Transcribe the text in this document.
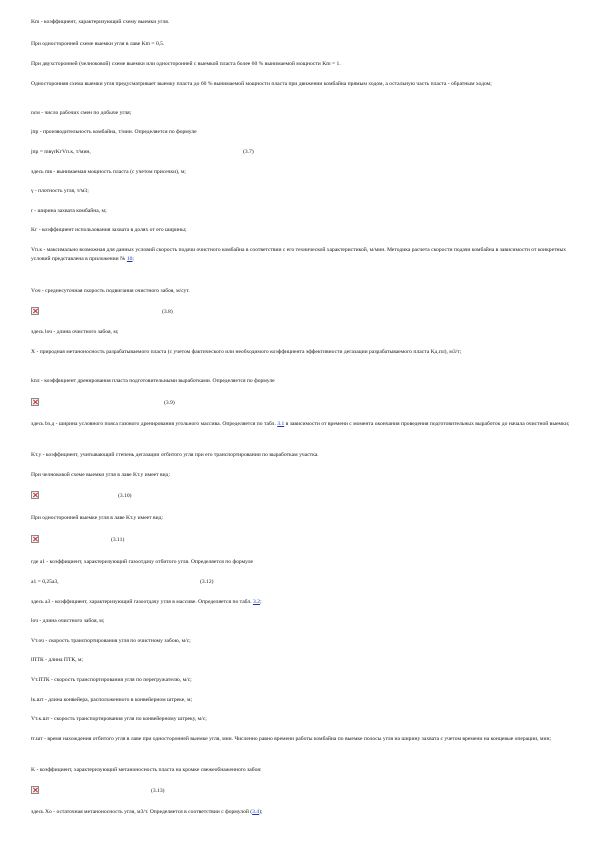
Km - коэффициент, характеризующий схему выемки угля.
При односторонней схеме выемки угля в лаве Km = 0,5.
При двухсторонней (челноковой) схеме выемки или односторонней с выемкой пласта более 60 % вынимаемой мощности Km = 1.
Односторонняя схема выемки угля предусматривает выемку пласта до 60 % вынимаемой мощности пласта при движении комбайна прямым ходом, а остальную часть пласта - обратным ходом;
nсм - число рабочих смен по добыче угля;
jпр - производительность комбайна, т/мин. Определяется по формуле
jпр = mвγrKгVп.к, т/мин,	(3.7)
здесь mв - вынимаемая мощность пласта (с учетом присечки), м;
γ - плотность угля, т/м3;
r - ширина захвата комбайна, м;
Kг - коэффициент использования захвата в долях от его ширины;
Vп.к - максимально возможная для данных условий скорость подачи очистного комбайна в соответствии с его технической характеристикой, м/мин. Методика расчета скорости подачи комбайна в зависимости от конкретных условий представлена в приложении № 10;
Vоч - среднесуточная скорость подвигания очистного забоя, м/сут.
(3.8)
здесь lоч - длина очистного забоя, м;
X - природная метаноносность разрабатываемого пласта (с учетом фактического или необходимого коэффициента эффективности дегазации разрабатываемого пласта Kд.пл), м3/т;
kпл - коэффициент дренирования пласта подготовительными выработками. Определяется по формуле
(3.9)
здесь bз.д - ширина условного пояса газового дренирования угольного массива. Определяется по табл. 3.1 в зависимости от времени с момента окончания проведения подготовительных выработок до начала очистной выемки;
Kт.у - коэффициент, учитывающий степень дегазации отбитого угля при его транспортировании по выработкам участка.
При челноковой схеме выемки угля в лаве Kт.у имеет вид:
(3.10)
При односторонней выемке угля в лаве Kт.у имеет вид:
(3.11)
где a1 - коэффициент, характеризующий газоотдачу отбитого угля. Определяется по формуле
a1 = 0,25a3,	(3.12)
здесь a3 - коэффициент, характеризующий газоотдачу угля в массиве. Определяется по табл. 3.2;
lоч - длина очистного забоя, м;
Vт.оч - скорость транспортирования угля по очистному забою, м/с;
lПТК - длина ПТК, м;
Vт.ПТК - скорость транспортирования угля по перегружателю, м/с;
lк.шт - длина конвейера, расположенного в конвейерном штреке, м;
Vт.к.шт - скорость транспортирования угля по конвейерному штреку, м/с;
tт.шт - время нахождения отбитого угля в лаве при односторонней выемке угля, мин. Численно равно времени работы комбайна по выемке полосы угля на ширину захвата с учетом времени на концевые операции, мин;
K - коэффициент, характеризующий метаноносность пласта на кромке свежеобнаженного забоя:
(3.13)
здесь Xo - остаточная метаноносность угля, м3/т. Определяется в соответствии с формулой (3.4);
